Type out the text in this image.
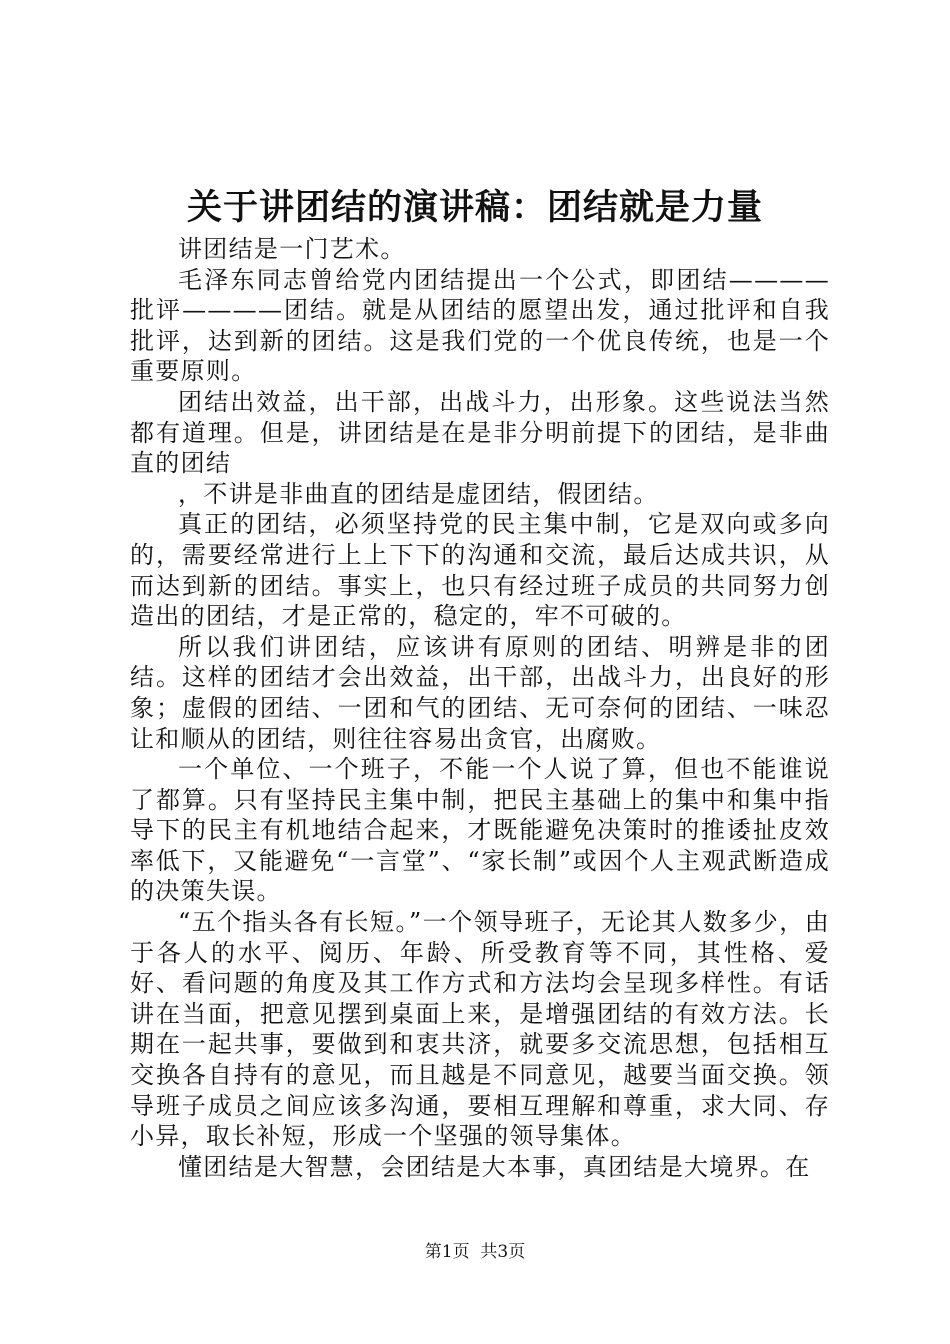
关于讲团结的演讲稿：团结就是力量

讲团结是一门艺术。

毛泽东同志曾给党内团结提出一个公式，即团结————批评————团结。就是从团结的愿望出发，通过批评和自我批评，达到新的团结。这是我们党的一个优良传统，也是一个重要原则。

团结出效益，出干部，出战斗力，出形象。这些说法当然都有道理。但是，讲团结是在是非分明前提下的团结，是非曲直的团结

，不讲是非曲直的团结是虚团结，假团结。

真正的团结，必须坚持党的民主集中制，它是双向或多向的，需要经常进行上上下下的沟通和交流，最后达成共识，从而达到新的团结。事实上，也只有经过班子成员的共同努力创造出的团结，才是正常的，稳定的，牢不可破的。

所以我们讲团结，应该讲有原则的团结、明辨是非的团结。这样的团结才会出效益，出干部，出战斗力，出良好的形象；虚假的团结、一团和气的团结、无可奈何的团结、一味忍让和顺从的团结，则往往容易出贪官，出腐败。

一个单位、一个班子，不能一个人说了算，但也不能谁说了都算。只有坚持民主集中制，把民主基础上的集中和集中指导下的民主有机地结合起来，才既能避免决策时的推诿扯皮效率低下，又能避免“一言堂”、“家长制”或因个人主观武断造成的决策失误。

“五个指头各有长短。”一个领导班子，无论其人数多少，由于各人的水平、阅历、年龄、所受教育等不同，其性格、爱好、看问题的角度及其工作方式和方法均会呈现多样性。有话讲在当面，把意见摆到桌面上来，是增强团结的有效方法。长期在一起共事，要做到和衷共济，就要多交流思想，包括相互交换各自持有的意见，而且越是不同意见，越要当面交换。领导班子成员之间应该多沟通，要相互理解和尊重，求大同、存小异，取长补短，形成一个坚强的领导集体。

懂团结是大智慧，会团结是大本事，真团结是大境界。在

第1页  共3页
